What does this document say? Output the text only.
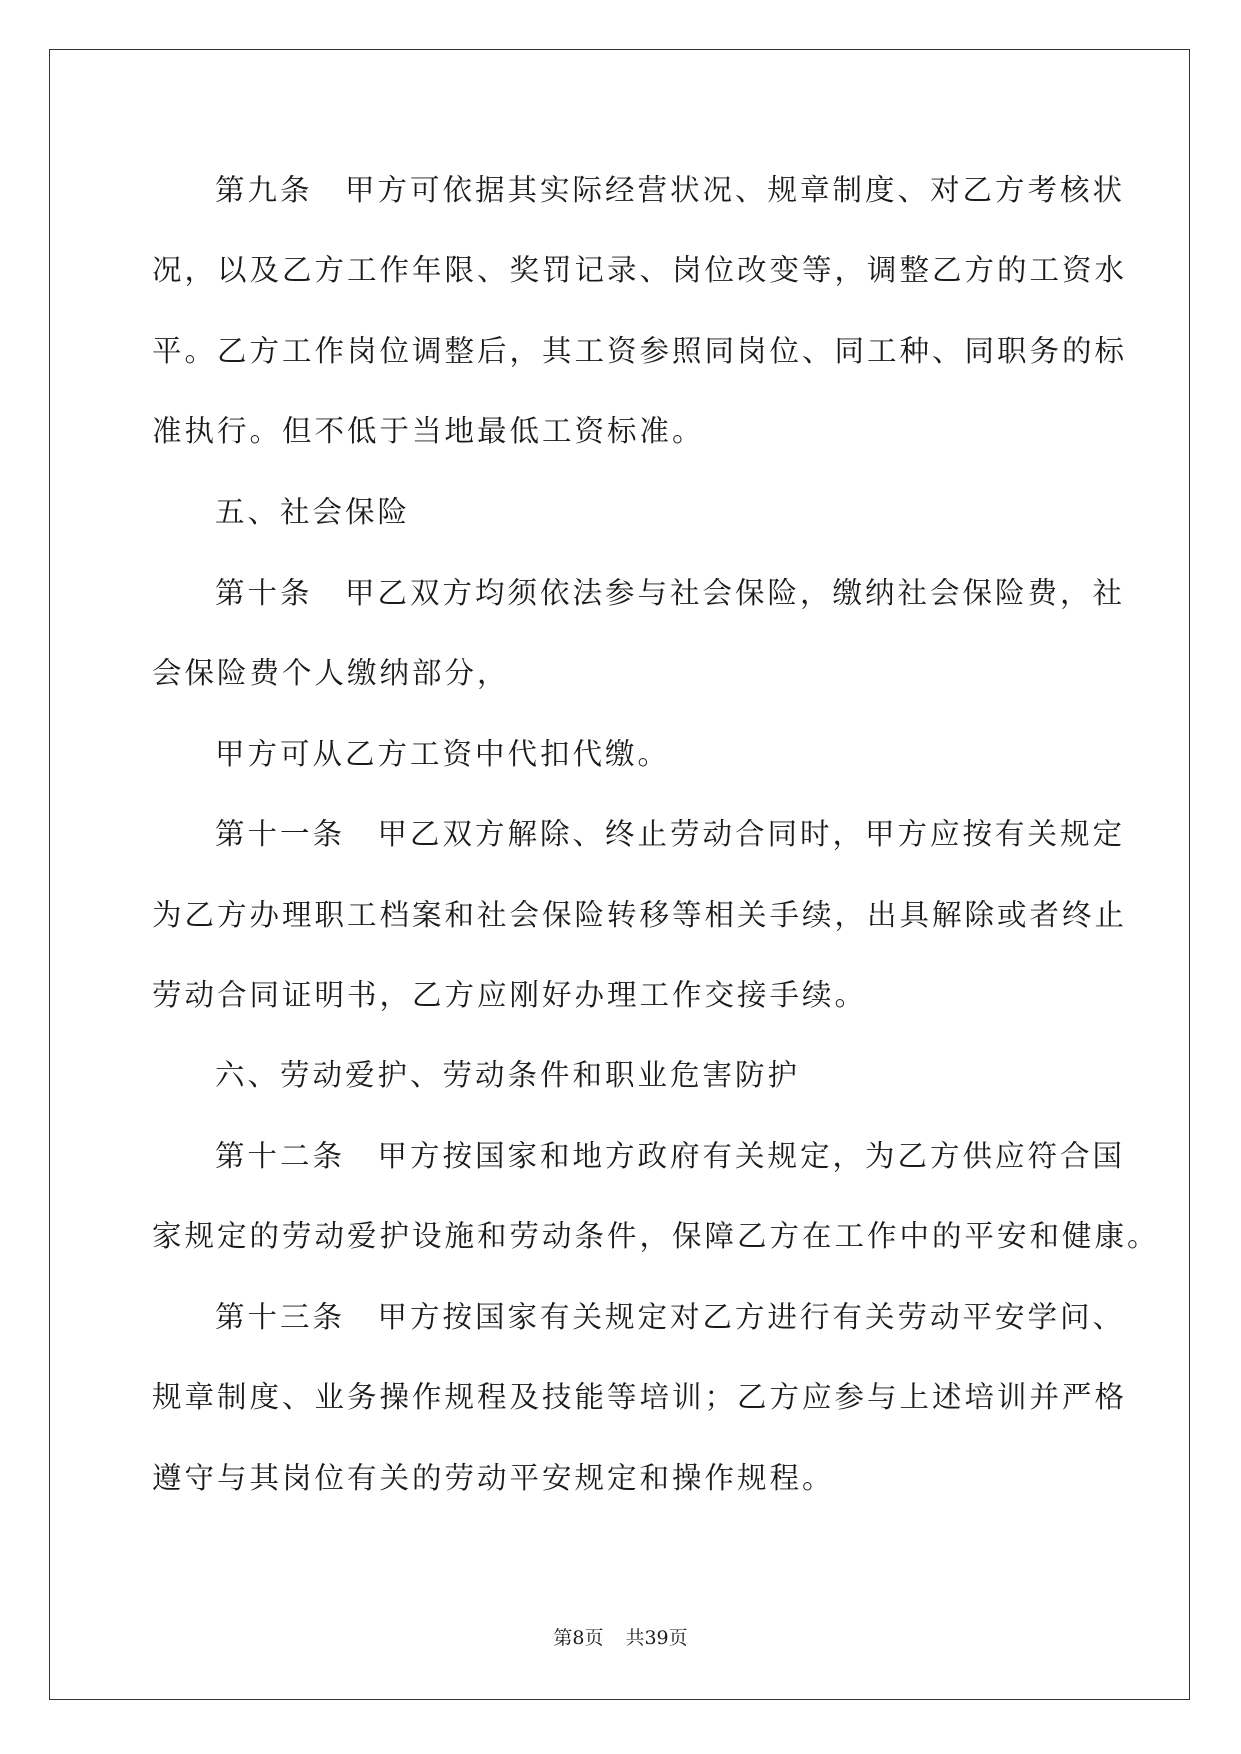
第九条　甲方可依据其实际经营状况、规章制度、对乙方考核状
况，以及乙方工作年限、奖罚记录、岗位改变等，调整乙方的工资水
平。乙方工作岗位调整后，其工资参照同岗位、同工种、同职务的标
准执行。但不低于当地最低工资标准。
五、社会保险
第十条　甲乙双方均须依法参与社会保险，缴纳社会保险费，社
会保险费个人缴纳部分，
甲方可从乙方工资中代扣代缴。
第十一条　甲乙双方解除、终止劳动合同时，甲方应按有关规定
为乙方办理职工档案和社会保险转移等相关手续，出具解除或者终止
劳动合同证明书，乙方应刚好办理工作交接手续。
六、劳动爱护、劳动条件和职业危害防护
第十二条　甲方按国家和地方政府有关规定，为乙方供应符合国
家规定的劳动爱护设施和劳动条件，保障乙方在工作中的平安和健康。
第十三条　甲方按国家有关规定对乙方进行有关劳动平安学问、
规章制度、业务操作规程及技能等培训；乙方应参与上述培训并严格
遵守与其岗位有关的劳动平安规定和操作规程。
第8页 共39页
